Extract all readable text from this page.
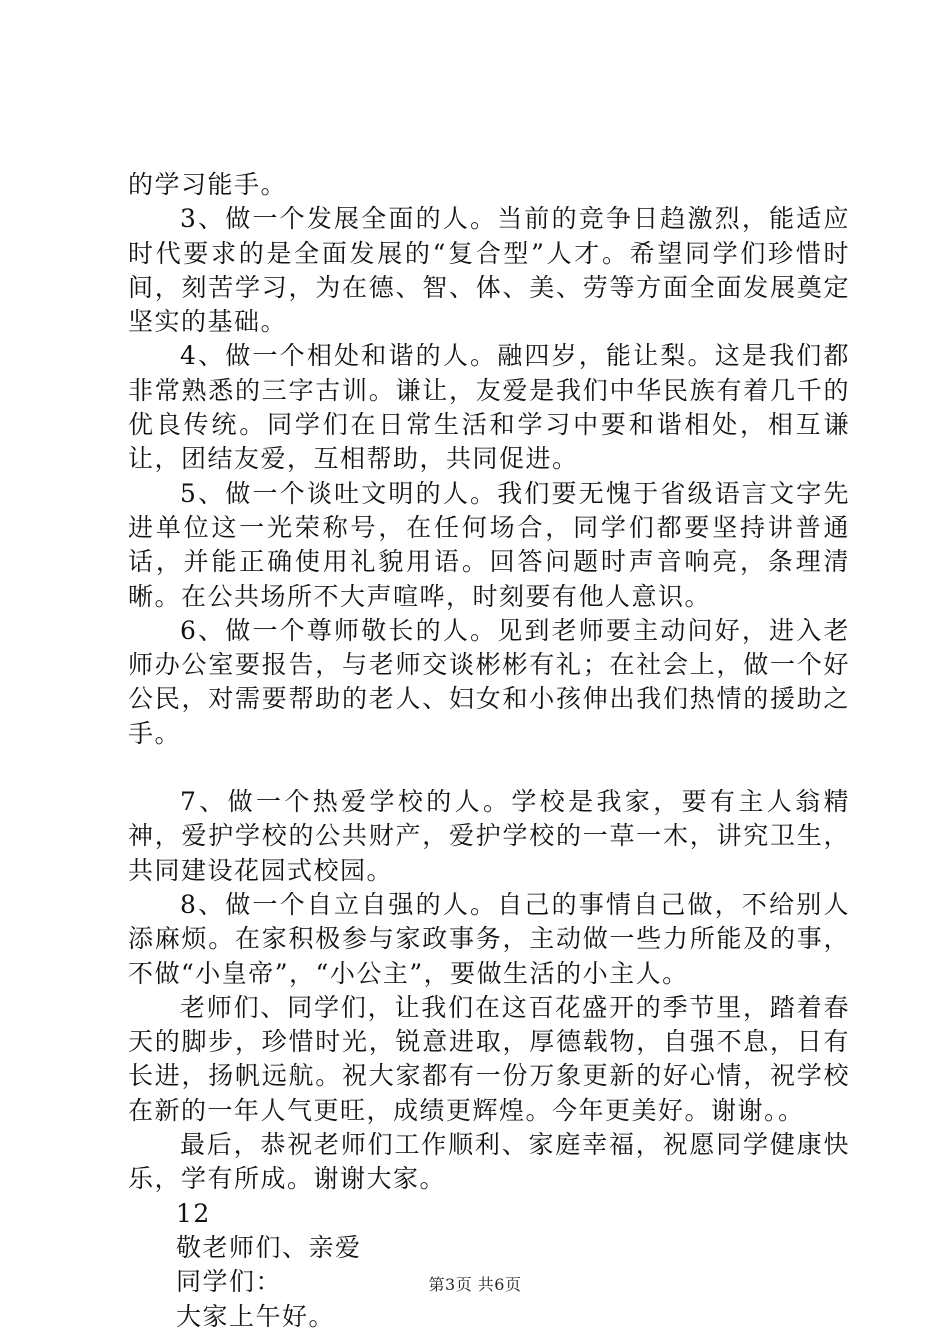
的学习能手。

3、做一个发展全面的人。当前的竞争日趋激烈，能适应时代要求的是全面发展的“复合型”人才。希望同学们珍惜时间，刻苦学习，为在德、智、体、美、劳等方面全面发展奠定坚实的基础。

4、做一个相处和谐的人。融四岁，能让梨。这是我们都非常熟悉的三字古训。谦让，友爱是我们中华民族有着几千的优良传统。同学们在日常生活和学习中要和谐相处，相互谦让，团结友爱，互相帮助，共同促进。

5、做一个谈吐文明的人。我们要无愧于省级语言文字先进单位这一光荣称号，在任何场合，同学们都要坚持讲普通话，并能正确使用礼貌用语。回答问题时声音响亮，条理清晰。在公共场所不大声喧哗，时刻要有他人意识。

6、做一个尊师敬长的人。见到老师要主动问好，进入老师办公室要报告，与老师交谈彬彬有礼；在社会上，做一个好公民，对需要帮助的老人、妇女和小孩伸出我们热情的援助之手。

7、做一个热爱学校的人。学校是我家，要有主人翁精神，爱护学校的公共财产，爱护学校的一草一木，讲究卫生，共同建设花园式校园。

8、做一个自立自强的人。自己的事情自己做，不给别人添麻烦。在家积极参与家政事务，主动做一些力所能及的事，不做“小皇帝”，“小公主”，要做生活的小主人。

老师们、同学们，让我们在这百花盛开的季节里，踏着春天的脚步，珍惜时光，锐意进取，厚德载物，自强不息，日有长进，扬帆远航。祝大家都有一份万象更新的好心情，祝学校在新的一年人气更旺，成绩更辉煌。今年更美好。谢谢。。

最后，恭祝老师们工作顺利、家庭幸福，祝愿同学健康快乐，学有所成。谢谢大家。

12

敬老师们、亲爱

同学们：

大家上午好。

第3页 共6页
